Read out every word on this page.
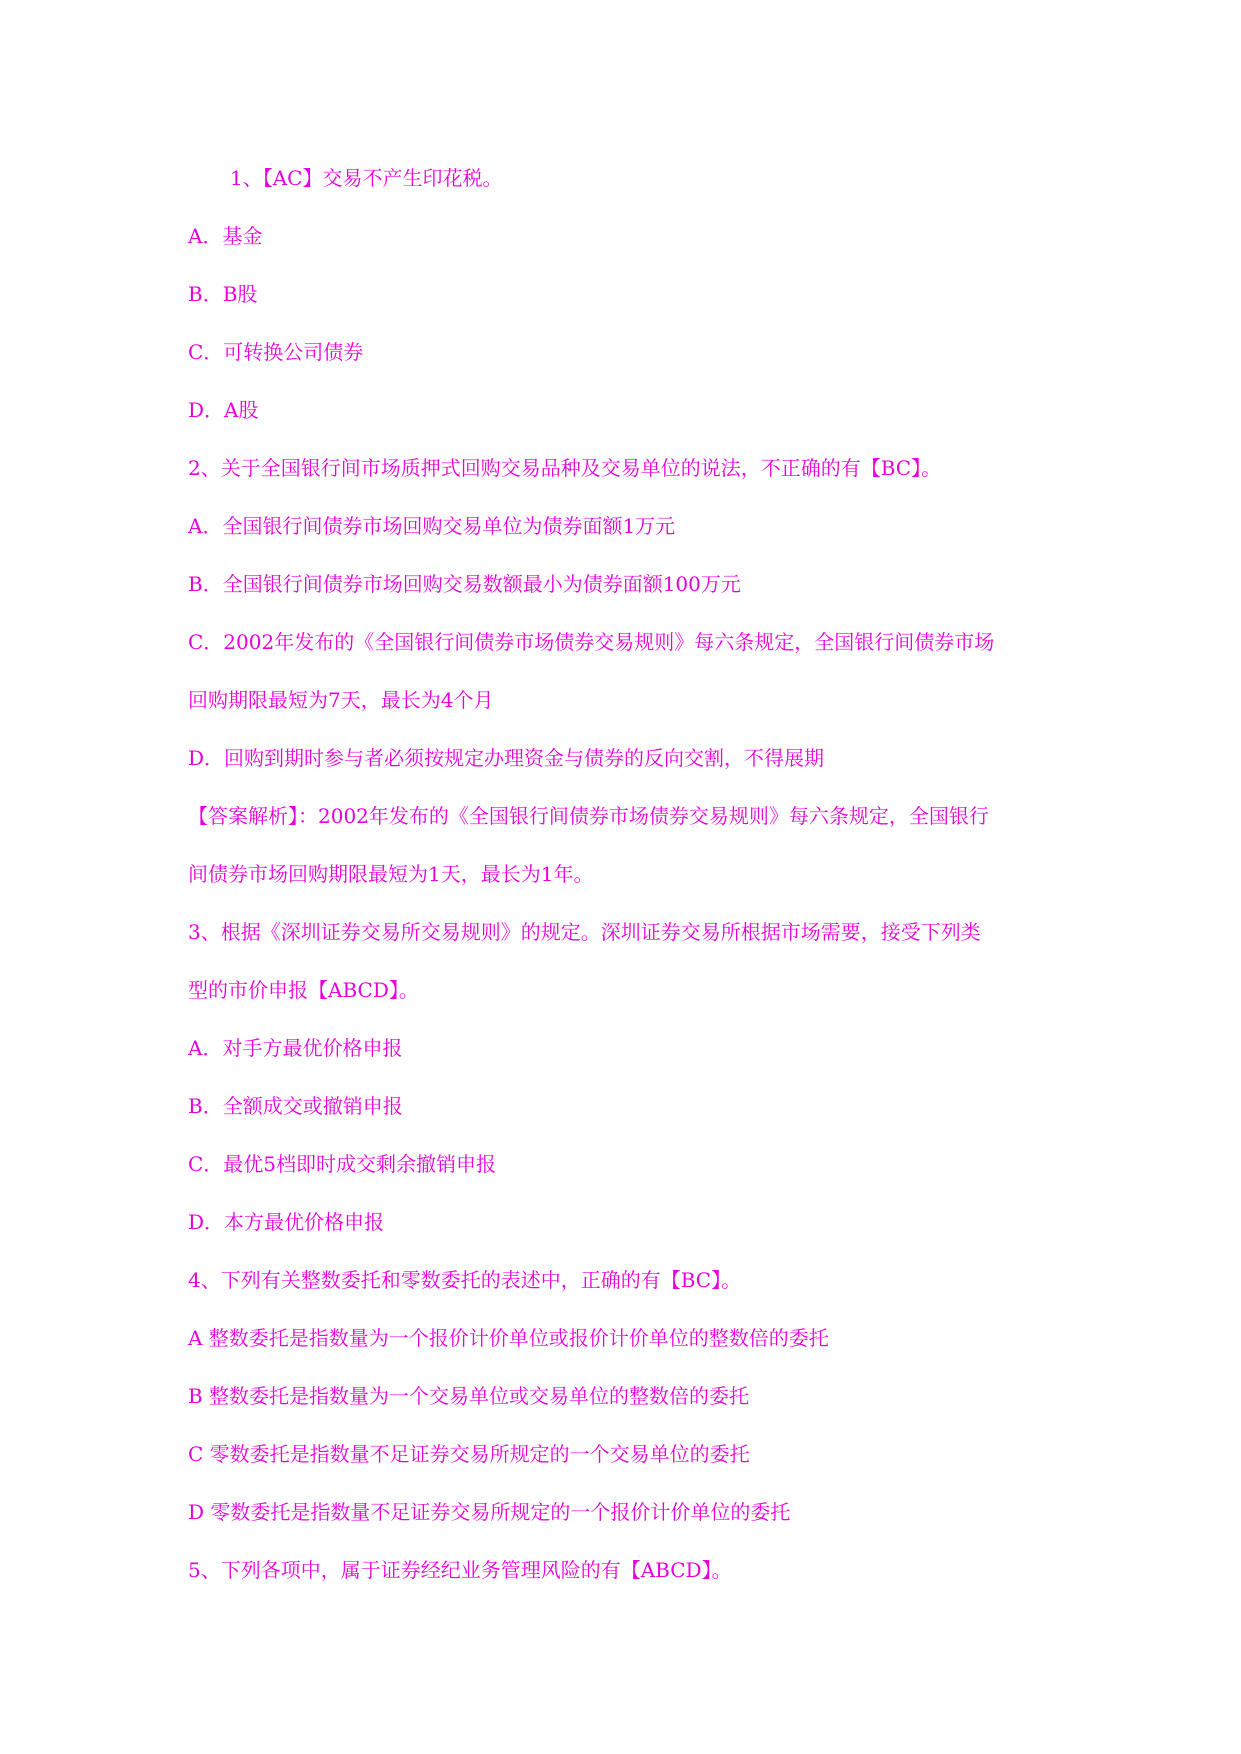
1、【AC】交易不产生印花税。
A．基金
B．B股
C．可转换公司债券
D．A股
2、关于全国银行间市场质押式回购交易品种及交易单位的说法，不正确的有【BC】。
A．全国银行间债券市场回购交易单位为债券面额1万元
B．全国银行间债券市场回购交易数额最小为债券面额100万元
C．2002年发布的《全国银行间债券市场债券交易规则》每六条规定，全国银行间债券市场
回购期限最短为7天，最长为4个月
D．回购到期时参与者必须按规定办理资金与债券的反向交割，不得展期
【答案解析】：2002年发布的《全国银行间债券市场债券交易规则》每六条规定，全国银行
间债券市场回购期限最短为1天，最长为1年。
3、根据《深圳证券交易所交易规则》的规定。深圳证券交易所根据市场需要，接受下列类
型的市价申报【ABCD】。
A．对手方最优价格申报
B．全额成交或撤销申报
C．最优5档即时成交剩余撤销申报
D．本方最优价格申报
4、下列有关整数委托和零数委托的表述中，正确的有【BC】。
A 整数委托是指数量为一个报价计价单位或报价计价单位的整数倍的委托
B 整数委托是指数量为一个交易单位或交易单位的整数倍的委托
C 零数委托是指数量不足证券交易所规定的一个交易单位的委托
D 零数委托是指数量不足证券交易所规定的一个报价计价单位的委托
5、下列各项中，属于证券经纪业务管理风险的有【ABCD】。
